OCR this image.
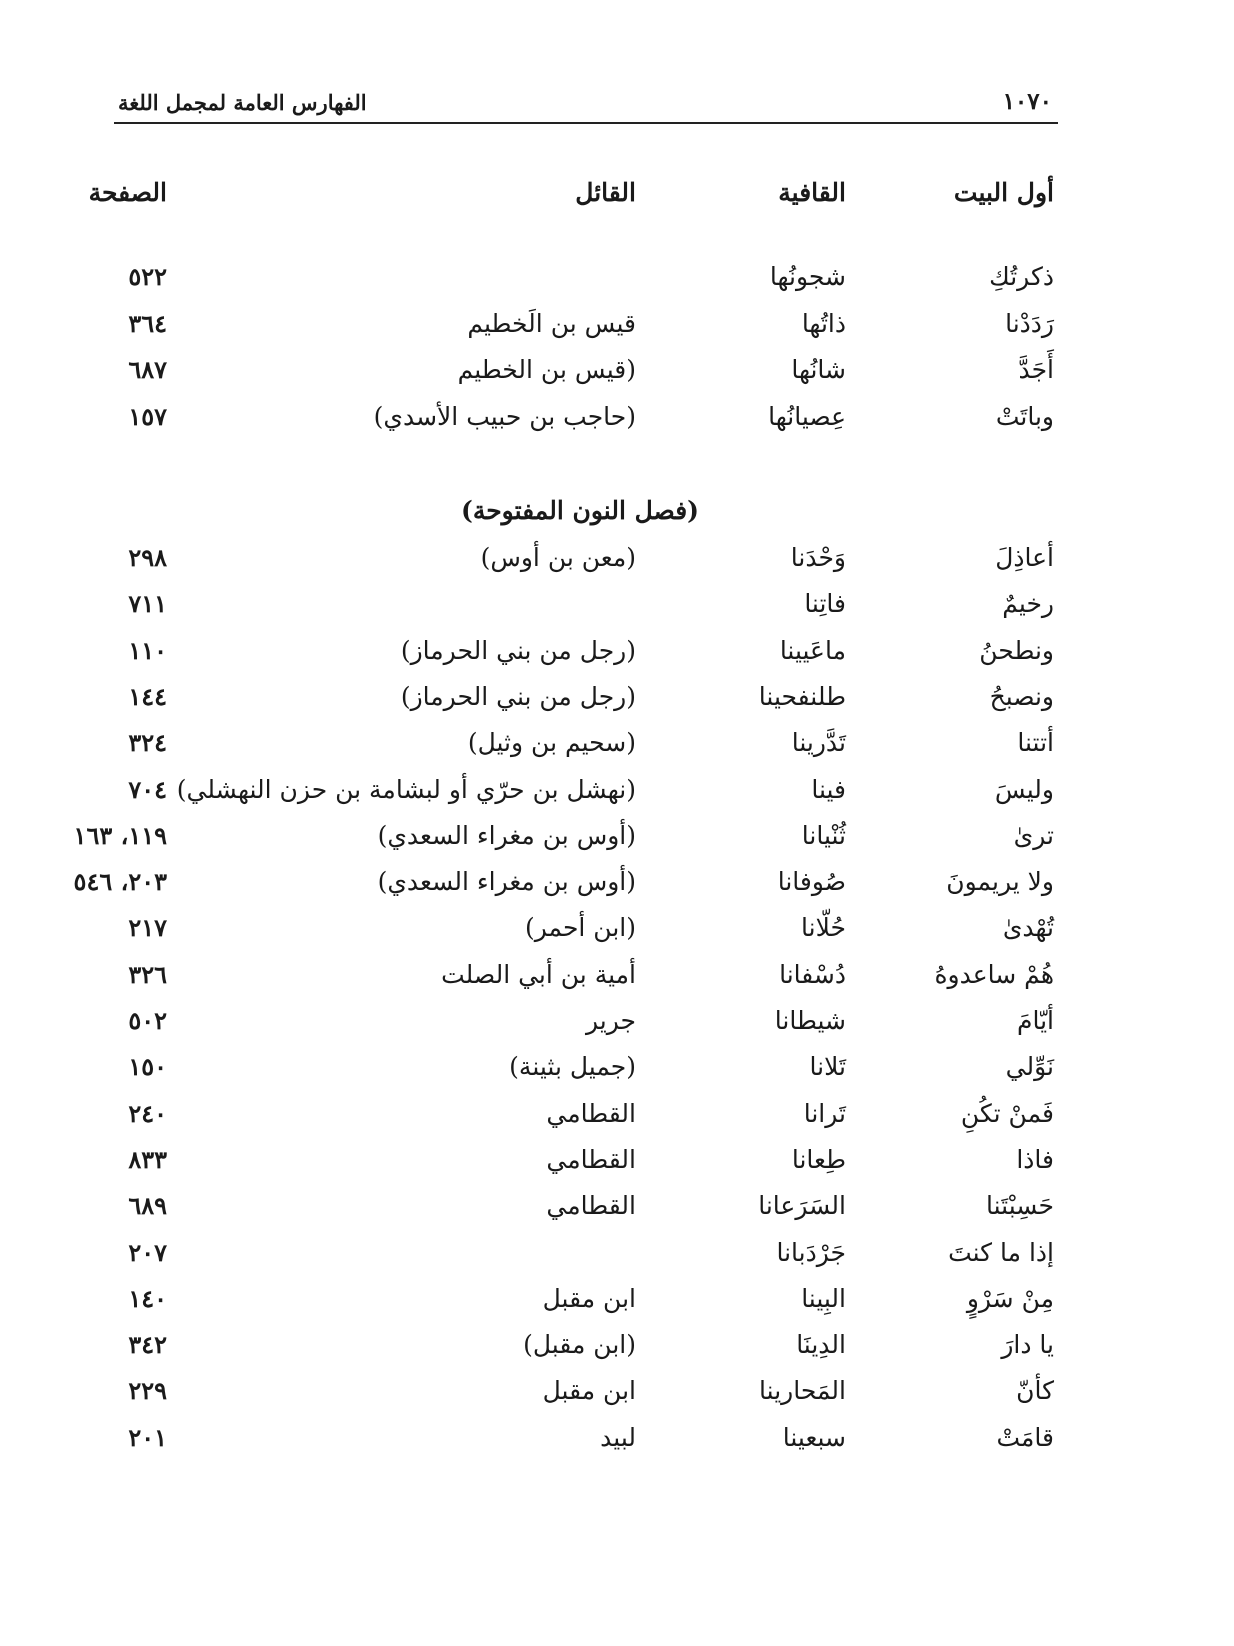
١٠٧٠
الفهارس العامة لمجمل اللغة
أول البيت
القافية
القائل
الصفحة
ذكرتُكِ
شجونُها
٥٢٢
رَدَدْنا
ذاتُها
قيس بن الَخطيم
٣٦٤
أَجَدَّ
شانُها
(قيس بن الخطيم
٦٨٧
وباتَتْ
عِصيانُها
(حاجب بن حبيب الأسدي)
١٥٧
(فصل النون المفتوحة)
أعاذِلَ
وَحْدَنا
(معن بن أوس)
٢٩٨
رخيمٌ
فاتِنا
٧١١
ونطحنُ
ماعَيينا
(رجل من بني الحرماز)
١١٠
ونصبحُ
طلنفحينا
(رجل من بني الحرماز)
١٤٤
أتتنا
تَدَّرينا
(سحيم بن وثيل)
٣٢٤
وليسَ
فينا
(نهشل بن حرّي أو لبشامة بن حزن النهشلي)
٧٠٤
ترىٰ
ثُنْيانا
(أوس بن مغراء السعدي)
١١٩، ١٦٣
ولا يريمونَ
صُوفانا
(أوس بن مغراء السعدي)
٢٠٣، ٥٤٦
تُهْدىٰ
حُلّانا
(ابن أحمر)
٢١٧
هُمْ ساعدوهُ
دُسْفانا
أمية بن أبي الصلت
٣٢٦
أيّامَ
شيطانا
جرير
٥٠٢
نَوِّلي
تَلانا
(جميل بثينة)
١٥٠
فَمنْ تكُنِ
تَرانا
القطامي
٢٤٠
فاذا
طِعانا
القطامي
٨٣٣
حَسِبْتَنا
السَرَعانا
القطامي
٦٨٩
إذا ما كنتَ
جَرْدَبانا
٢٠٧
مِنْ سَرْوٍ
البِينا
ابن مقبل
١٤٠
يا دارَ
الدِينَا
(ابن مقبل)
٣٤٢
كأنّ
المَحارينا
ابن مقبل
٢٢٩
قامَتْ
سبعينا
لبيد
٢٠١
